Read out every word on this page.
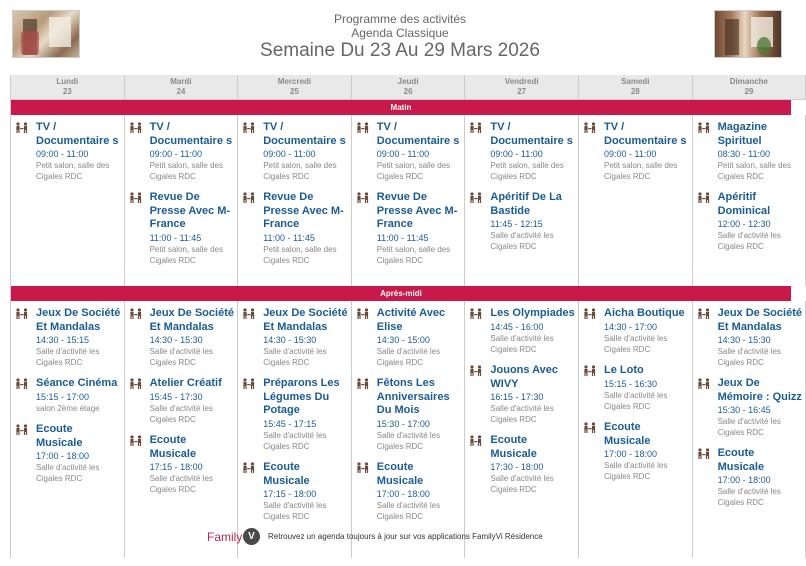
Programme des activités
Agenda Classique
Semaine Du 23 Au 29 Mars 2026
Lundi
23
Mardi
24
Mercredi
25
Jeudi
26
Vendredi
27
Samedi
28
Dimanche
29
Matin
Après-midi
TV / Documentaire s
09:00 - 11:00
Petit salon, salle des Cigales RDC
TV / Documentaire s
09:00 - 11:00
Petit salon, salle des Cigales RDC
Revue De Presse Avec M-France
11:00 - 11:45
Petit salon, salle des Cigales RDC
TV / Documentaire s
09:00 - 11:00
Petit salon, salle des Cigales RDC
Revue De Presse Avec M-France
11:00 - 11:45
Petit salon, salle des Cigales RDC
TV / Documentaire s
09:00 - 11:00
Petit salon, salle des Cigales RDC
Revue De Presse Avec M-France
11:00 - 11:45
Petit salon, salle des Cigales RDC
TV / Documentaire s
09:00 - 11:00
Petit salon, salle des Cigales RDC
Apéritif De La Bastide
11:45 - 12:15
Salle d'activité les Cigales RDC
TV / Documentaire s
09:00 - 11:00
Petit salon, salle des Cigales RDC
Magazine Spirituel
08:30 - 11:00
Petit salon, salle des Cigales RDC
Apéritif Dominical
12:00 - 12:30
Salle d'activité les Cigales RDC
Jeux De Société Et Mandalas
14:30 - 15:15
Salle d'activité les Cigales RDC
Séance Cinéma
15:15 - 17:00
salon 2ème étage
Ecoute Musicale
17:00 - 18:00
Salle d'activité les Cigales RDC
Jeux De Société Et Mandalas
14:30 - 15:30
Salle d'activité les Cigales RDC
Atelier Créatif
15:45 - 17:30
Salle d'activité les Cigales RDC
Ecoute Musicale
17:15 - 18:00
Salle d'activité les Cigales RDC
Jeux De Société Et Mandalas
14:30 - 15:30
Salle d'activité les Cigales RDC
Préparons Les Légumes Du Potage
15:45 - 17:15
Salle d'activité les Cigales RDC
Ecoute Musicale
17:15 - 18:00
Salle d'activité les Cigales RDC
Activité Avec Elise
14:30 - 15:00
Salle d'activité les Cigales RDC
Fêtons Les Anniversaires Du Mois
15:30 - 17:00
Salle d'activité les Cigales RDC
Ecoute Musicale
17:00 - 18:00
Salle d'activité les Cigales RDC
Les Olympiades
14:45 - 16:00
Salle d'activité les Cigales RDC
Jouons Avec WIVY
16:15 - 17:30
Salle d'activité les Cigales RDC
Ecoute Musicale
17:30 - 18:00
Salle d'activité les Cigales RDC
Aicha Boutique
14:30 - 17:00
Salle d'activité les Cigales RDC
Le Loto
15:15 - 16:30
Salle d'activité les Cigales RDC
Ecoute Musicale
17:00 - 18:00
Salle d'activité les Cigales RDC
Jeux De Société Et Mandalas
14:30 - 15:30
Salle d'activité les Cigales RDC
Jeux De Mémoire : Quizz
15:30 - 16:45
Salle d'activité les Cigales RDC
Ecoute Musicale
17:00 - 18:00
Salle d'activité les Cigales RDC
Family V	Retrouvez un agenda toujours à jour sur vos applications FamilyVi Résidence
